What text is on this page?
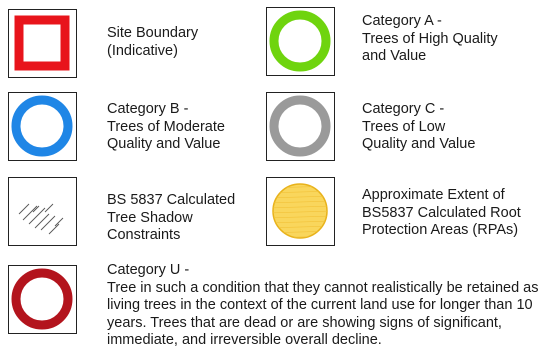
Site Boundary
(Indicative)
Category A -
Trees of High Quality
and Value
Category B -
Trees of Moderate
Quality and Value
Category C -
Trees of Low
Quality and Value
BS 5837 Calculated
Tree Shadow
Constraints
Approximate Extent of
BS5837 Calculated Root
Protection Areas (RPAs)
Category U -
Tree in such a condition that they cannot realistically be retained as
living trees in the context of the current land use for longer than 10
years. Trees that are dead or are showing signs of significant,
immediate, and irreversible overall decline.
